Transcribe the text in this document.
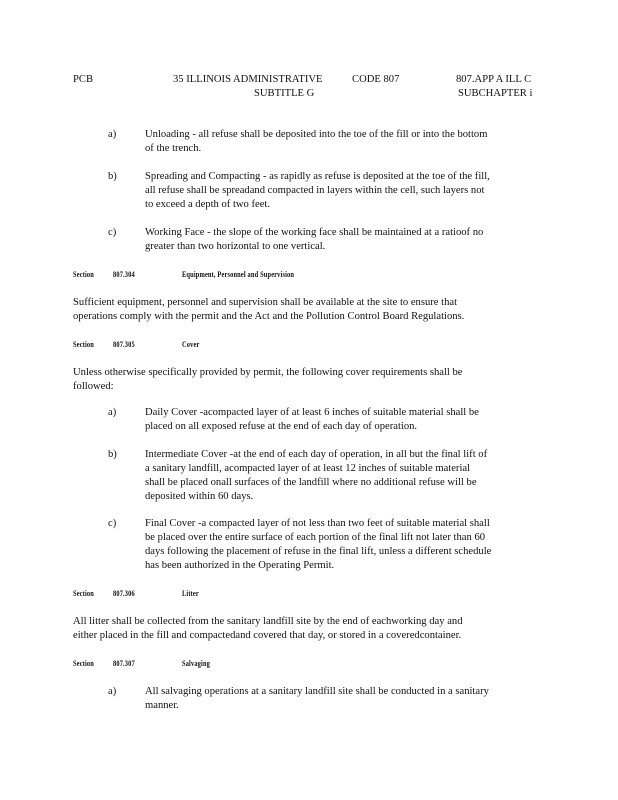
PCB	35 ILLINOIS ADMINISTRATIVE	CODE 807
SUBTITLE G
807.APP A ILL C
SUBCHAPTER i
a)	Unloading - all refuse shall be deposited into the toe of the fill or into the bottom
of the trench.
b)	Spreading and Compacting - as rapidly as refuse is deposited at the toe of the fill,
all refuse shall be spreadand compacted in layers within the cell, such layers not
to exceed a depth of two feet.
c)	Working Face - the slope of the working face shall be maintained at a ratioof no
greater than two horizontal to one vertical.
Section 807.304	Equipment, Personnel and Supervision
Sufficient equipment, personnel and supervision shall be available at the site to ensure that
operations comply with the permit and the Act and the Pollution Control Board Regulations.
Section 807.305	Cover
Unless otherwise specifically provided by permit, the following cover requirements shall be
followed:
a)	Daily Cover -acompacted layer of at least 6 inches of suitable material shall be
placed on all exposed refuse at the end of each day of operation.
b)	Intermediate Cover -at the end of each day of operation, in all but the final lift of
a sanitary landfill, acompacted layer of at least 12 inches of suitable material
shall be placed onall surfaces of the landfill where no additional refuse will be
deposited within 60 days.
c)	Final Cover -a compacted layer of not less than two feet of suitable material shall
be placed over the entire surface of each portion of the final lift not later than 60
days following the placement of refuse in the final lift, unless a different schedule
has been authorized in the Operating Permit.
Section 807.306	Litter
All litter shall be collected from the sanitary landfill site by the end of eachworking day and
either placed in the fill and compactedand covered that day, or stored in a coveredcontainer.
Section 807.307	Salvaging
a)	All salvaging operations at a sanitary landfill site shall be conducted in a sanitary
manner.
